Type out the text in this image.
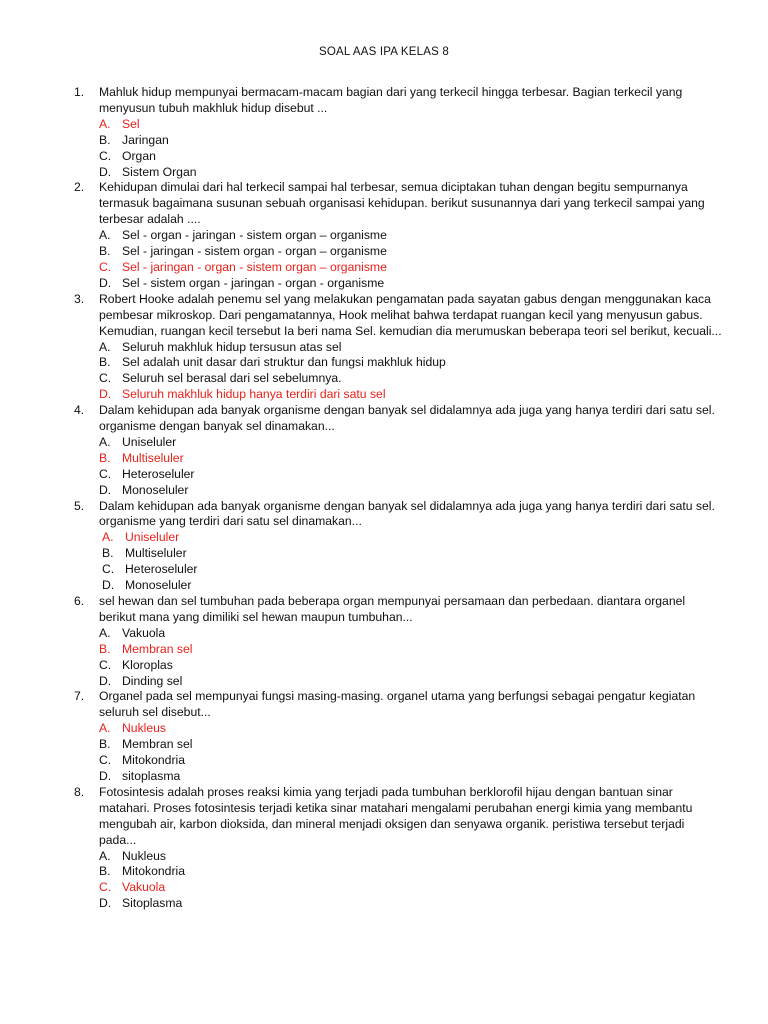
SOAL AAS IPA KELAS 8
1. Mahluk hidup mempunyai bermacam-macam bagian dari yang terkecil hingga terbesar. Bagian terkecil yang menyusun tubuh makhluk hidup disebut ...
A. Sel
B. Jaringan
C. Organ
D. Sistem Organ
2. Kehidupan dimulai dari hal terkecil sampai hal terbesar, semua diciptakan tuhan dengan begitu sempurnanya termasuk bagaimana susunan sebuah organisasi kehidupan. berikut susunannya dari yang terkecil sampai yang terbesar adalah ....
A. Sel - organ - jaringan - sistem organ – organisme
B. Sel - jaringan - sistem organ - organ – organisme
C. Sel - jaringan - organ - sistem organ – organisme
D. Sel - sistem organ - jaringan - organ - organisme
3. Robert Hooke adalah penemu sel yang melakukan pengamatan pada sayatan gabus dengan menggunakan kaca pembesar mikroskop. Dari pengamatannya, Hook melihat bahwa terdapat ruangan kecil yang menyusun gabus. Kemudian, ruangan kecil tersebut Ia beri nama Sel. kemudian dia merumuskan beberapa teori sel berikut, kecuali...
A. Seluruh makhluk hidup tersusun atas sel
B. Sel adalah unit dasar dari struktur dan fungsi makhluk hidup
C. Seluruh sel berasal dari sel sebelumnya.
D. Seluruh makhluk hidup hanya terdiri dari satu sel
4. Dalam kehidupan ada banyak organisme dengan banyak sel didalamnya ada juga yang hanya terdiri dari satu sel. organisme dengan banyak sel dinamakan...
A. Uniseluler
B. Multiseluler
C. Heteroseluler
D. Monoseluler
5. Dalam kehidupan ada banyak organisme dengan banyak sel didalamnya ada juga yang hanya terdiri dari satu sel. organisme yang terdiri dari satu sel dinamakan...
A. Uniseluler
B. Multiseluler
C. Heteroseluler
D. Monoseluler
6. sel hewan dan sel tumbuhan pada beberapa organ mempunyai persamaan dan perbedaan. diantara organel berikut mana yang dimiliki sel hewan maupun tumbuhan...
A. Vakuola
B. Membran sel
C. Kloroplas
D. Dinding sel
7. Organel pada sel mempunyai fungsi masing-masing. organel utama yang berfungsi sebagai pengatur kegiatan seluruh sel disebut...
A. Nukleus
B. Membran sel
C. Mitokondria
D. sitoplasma
8. Fotosintesis adalah proses reaksi kimia yang terjadi pada tumbuhan berklorofil hijau dengan bantuan sinar matahari. Proses fotosintesis terjadi ketika sinar matahari mengalami perubahan energi kimia yang membantu mengubah air, karbon dioksida, dan mineral menjadi oksigen dan senyawa organik. peristiwa tersebut terjadi pada...
A. Nukleus
B. Mitokondria
C. Vakuola
D. Sitoplasma
